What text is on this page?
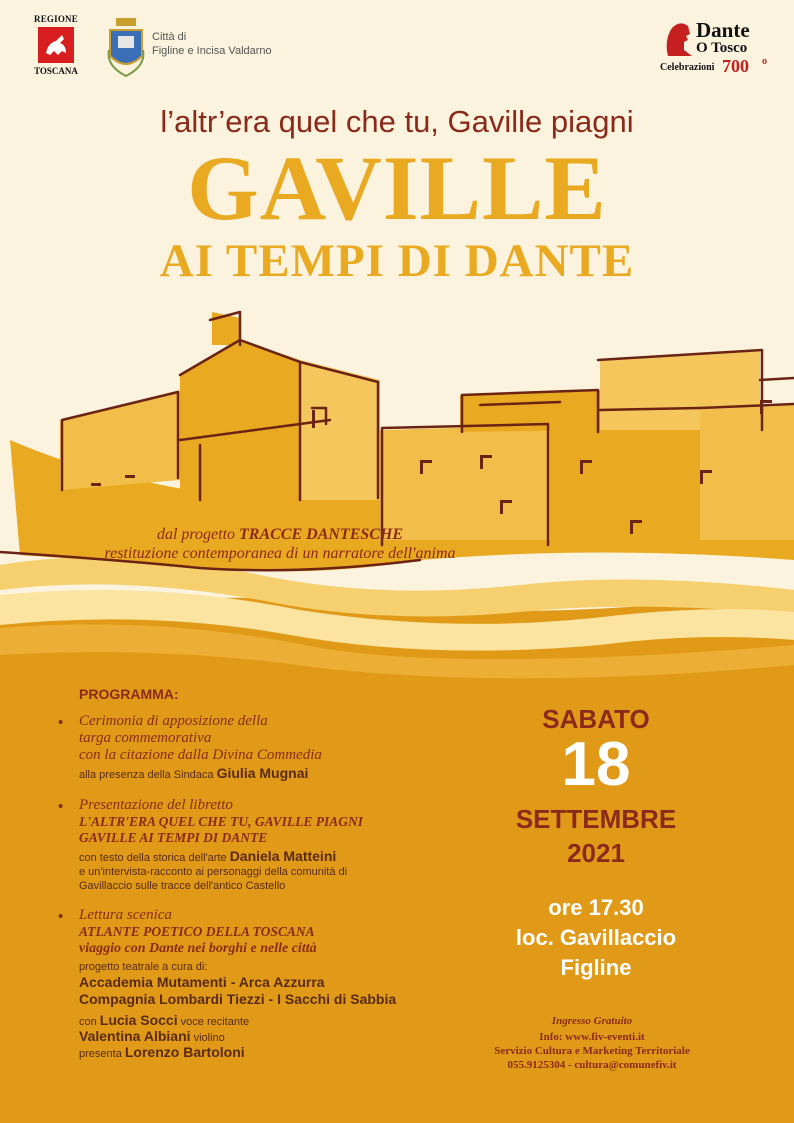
REGIONE
TOSCANA
Città di
Figline e Incisa Valdarno
Dante
O Tosco
Celebrazioni 700 o
l’altr’era quel che tu, Gaville piagni
GAVILLE
AI TEMPI DI DANTE
dal progetto TRACCE DANTESCHE
restituzione contemporanea di un narratore dell'anima
PROGRAMMA:
•	Cerimonia di apposizione della
targa commemorativa
con la citazione dalla Divina Commedia
alla presenza della Sindaca Giulia Mugnai
•	Presentazione del libretto
L'ALTR'ERA QUEL CHE TU, GAVILLE PIAGNI
GAVILLE AI TEMPI DI DANTE
con testo della storica dell'arte Daniela Matteini
e un'intervista-racconto ai personaggi della comunità di
Gavillaccio sulle tracce dell'antico Castello
•	Lettura scenica
ATLANTE POETICO DELLA TOSCANA
viaggio con Dante nei borghi e nelle città
progetto teatrale a cura di:
Accademia Mutamenti - Arca Azzurra
Compagnia Lombardi Tiezzi - I Sacchi di Sabbia
con Lucia Socci voce recitante
Valentina Albiani violino
presenta Lorenzo Bartoloni
SABATO
18
SETTEMBRE
2021
ore 17.30
loc. Gavillaccio
Figline
Ingresso Gratuito
Info: www.fiv-eventi.it
Servizio Cultura e Marketing Territoriale
055.9125304 - cultura@comunefiv.it
